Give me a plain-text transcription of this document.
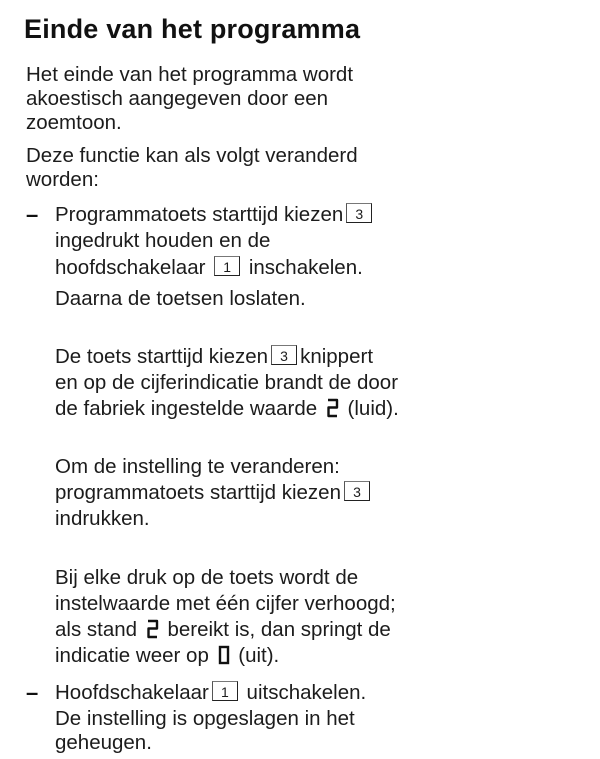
Einde van het programma
Het einde van het programma wordt
akoestisch aangegeven door een
zoemtoon.
Deze functie kan als volgt veranderd
worden:
– Programmatoets starttijd kiezen 3
ingedrukt houden en de
hoofdschakelaar 1 inschakelen.
Daarna de toetsen loslaten.
De toets starttijd kiezen 3 knippert
en op de cijferindicatie brandt de door
de fabriek ingestelde waarde (luid).
Om de instelling te veranderen:
programmatoets starttijd kiezen 3
indrukken.
Bij elke druk op de toets wordt de
instelwaarde met één cijfer verhoogd;
als stand bereikt is, dan springt de
indicatie weer op (uit).
– Hoofdschakelaar 1 uitschakelen.
De instelling is opgeslagen in het
geheugen.
